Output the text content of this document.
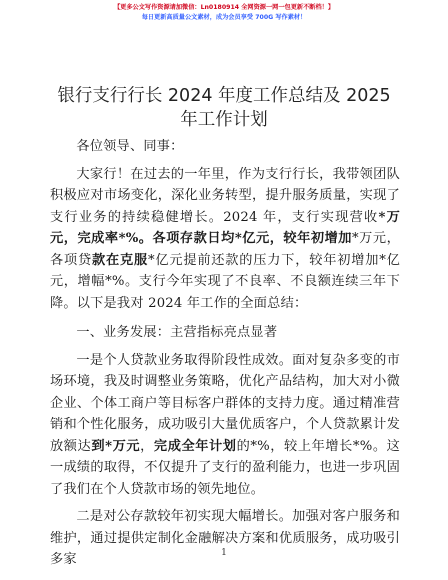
【更多公文写作资源请加微信：Ln0180914 全网资源一网一包更新不断档！】
每日更新高质量公文素材，成为会员享受 700G 写作素材！
银行支行行长 2024 年度工作总结及 2025 年工作计划

各位领导、同事：

大家行！在过去的一年里，作为支行行长，我带领团队积极应对市场变化，深化业务转型，提升服务质量，实现了支行业务的持续稳健增长。2024 年，支行实现营收*万元，完成率*%。各项存款日均*亿元，较年初增加*万元，各项贷款在克服*亿元提前还款的压力下，较年初增加*亿元，增幅*%。支行今年实现了不良率、不良额连续三年下降。以下是我对 2024 年工作的全面总结：

一、业务发展：主营指标亮点显著

一是个人贷款业务取得阶段性成效。面对复杂多变的市场环境，我及时调整业务策略，优化产品结构，加大对小微企业、个体工商户等目标客户群体的支持力度。通过精准营销和个性化服务，成功吸引大量优质客户，个人贷款累计发放额达到*万元，完成全年计划的*%，较上年增长*%。这一成绩的取得，不仅提升了支行的盈利能力，也进一步巩固了我们在个人贷款市场的领先地位。

二是对公存款较年初实现大幅增长。加强对客户服务和维护，通过提供定制化金融解决方案和优质服务，成功吸引多家	1
